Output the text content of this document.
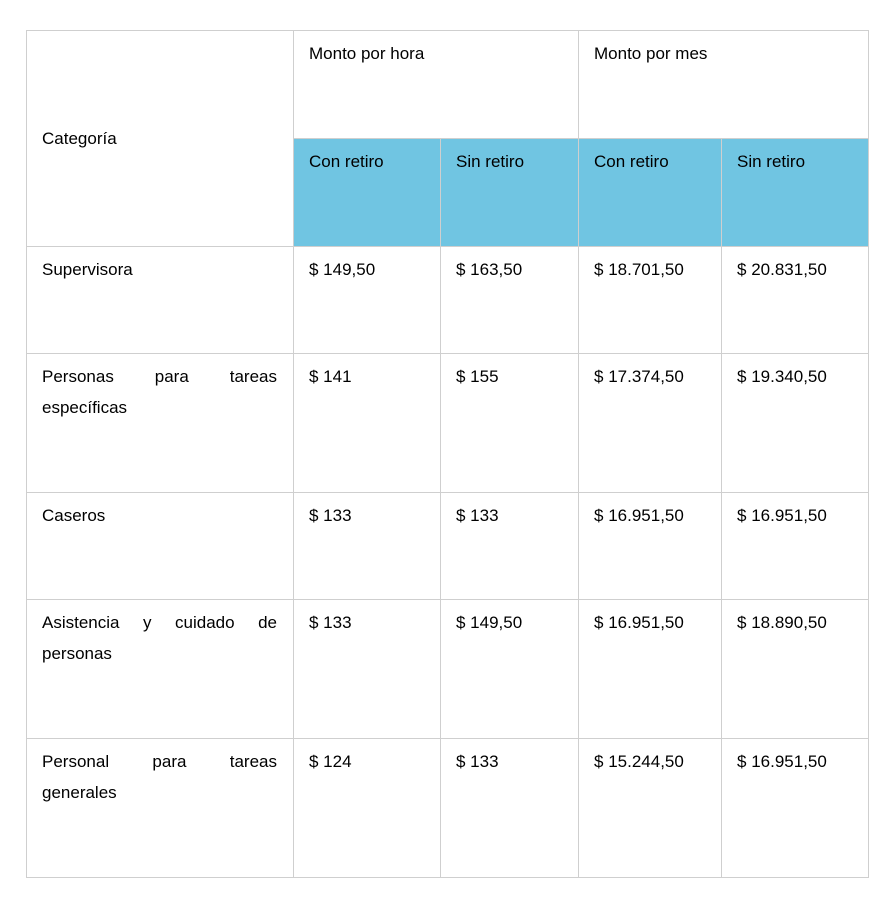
Categoría	Monto por hora		Monto por mes	
	Con retiro	Sin retiro	Con retiro	Sin retiro
Supervisora	$ 149,50	$ 163,50	$ 18.701,50	$ 20.831,50
Personas para tareas específicas	$ 141	$ 155	$ 17.374,50	$ 19.340,50
Caseros	$ 133	$ 133	$ 16.951,50	$ 16.951,50
Asistencia y cuidado de personas	$ 133	$ 149,50	$ 16.951,50	$ 18.890,50
Personal para tareas generales	$ 124	$ 133	$ 15.244,50	$ 16.951,50
